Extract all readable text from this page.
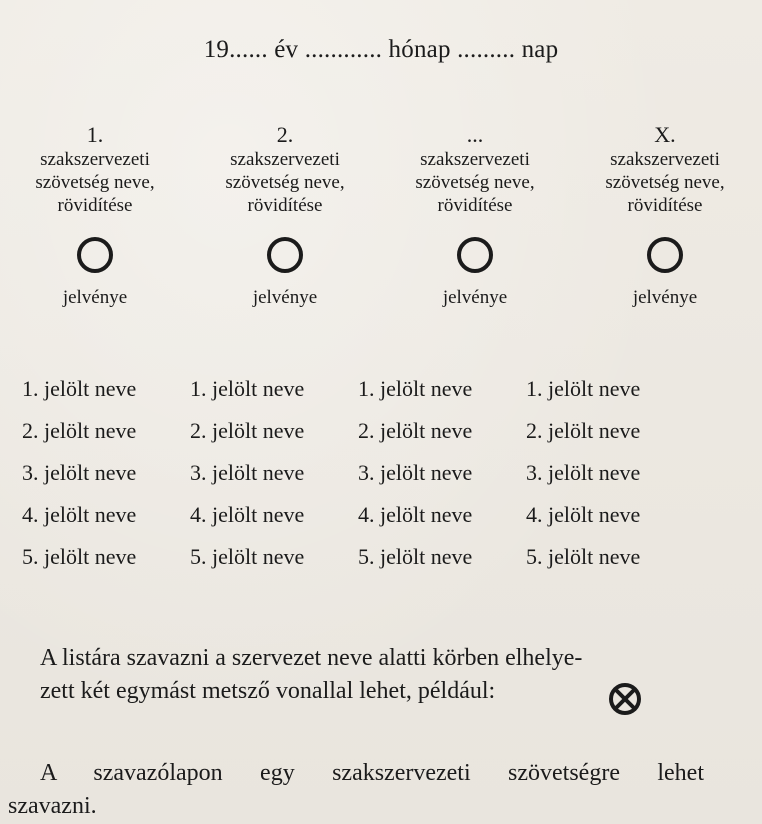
19...... év ............ hónap ......... nap
1.
szakszervezeti
szövetség neve,
rövidítése
jelvénye
2.
szakszervezeti
szövetség neve,
rövidítése
jelvénye
...
szakszervezeti
szövetség neve,
rövidítése
jelvénye
X.
szakszervezeti
szövetség neve,
rövidítése
jelvénye
1. jelölt neve	1. jelölt neve	1. jelölt neve	1. jelölt neve
2. jelölt neve	2. jelölt neve	2. jelölt neve	2. jelölt neve
3. jelölt neve	3. jelölt neve	3. jelölt neve	3. jelölt neve
4. jelölt neve	4. jelölt neve	4. jelölt neve	4. jelölt neve
5. jelölt neve	5. jelölt neve	5. jelölt neve	5. jelölt neve
A listára szavazni a szervezet neve alatti körben elhelye-
zett két egymást metsző vonallal lehet, például:
A szavazólapon egy szakszervezeti szövetségre lehet
szavazni.
